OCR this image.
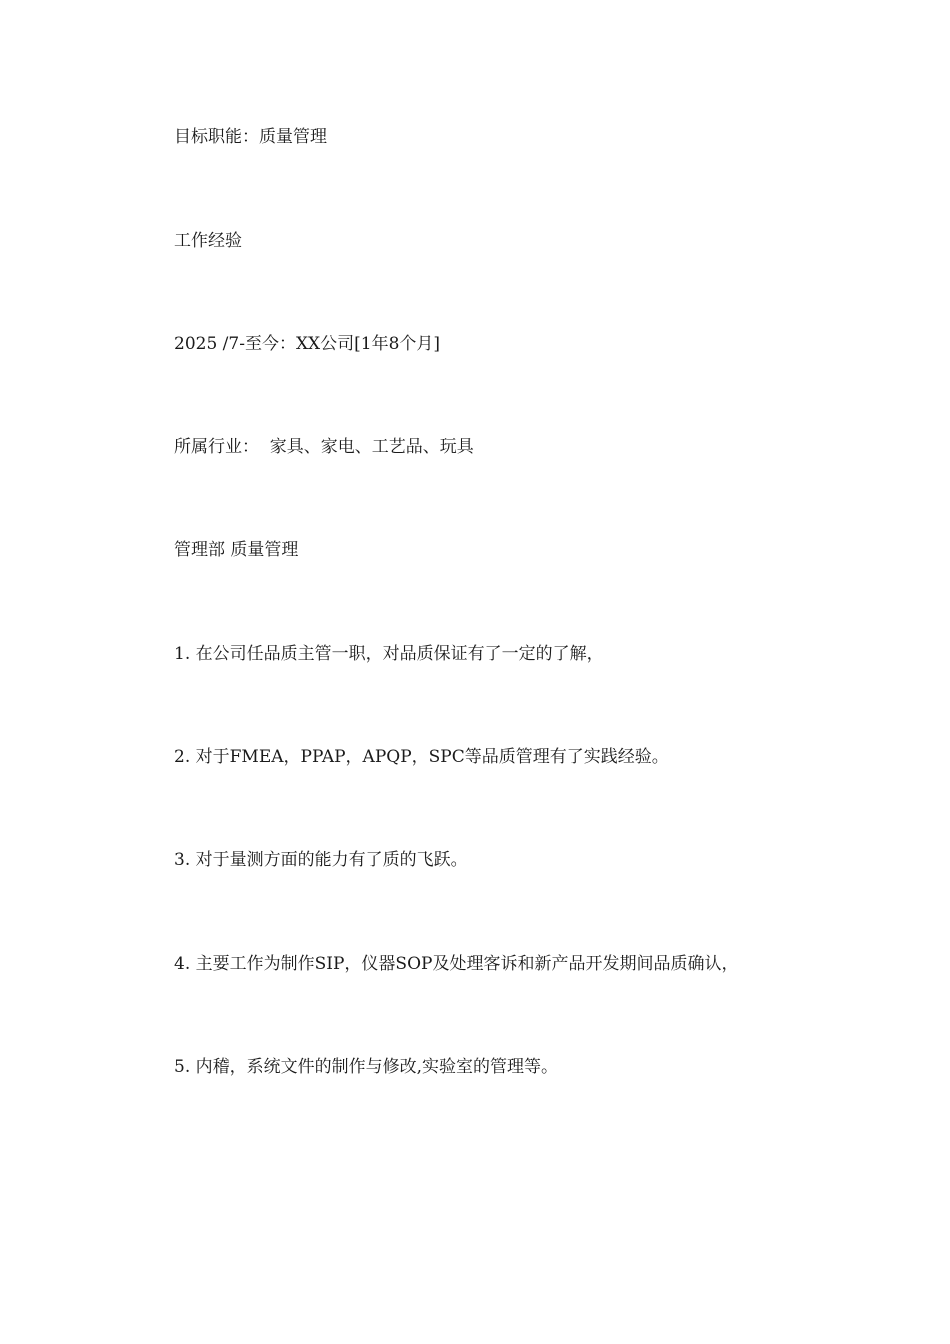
目标职能：质量管理

工作经验

2025 /7-至今：XX公司[1年8个月]

所属行业：  家具、家电、工艺品、玩具

管理部 质量管理

1. 在公司任品质主管一职，对品质保证有了一定的了解，

2. 对于FMEA，PPAP，APQP，SPC等品质管理有了实践经验。

3. 对于量测方面的能力有了质的飞跃。

4. 主要工作为制作SIP，仪器SOP及处理客诉和新产品开发期间品质确认，

5. 内稽，系统文件的制作与修改,实验室的管理等。
